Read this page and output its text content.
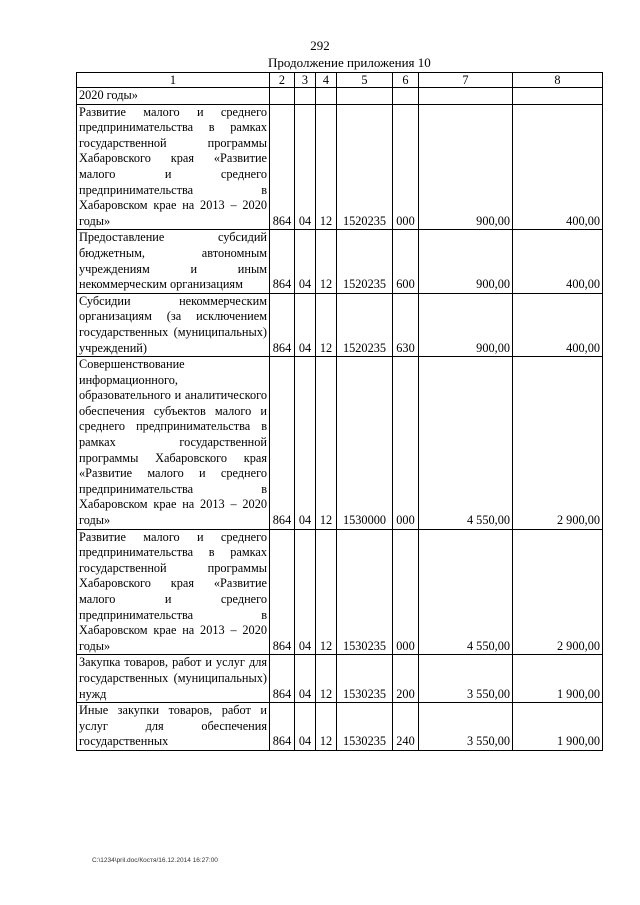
292
Продолжение приложения 10
1	2	3	4	5	6	7	8
2020 годы»							
Развитие малого и среднего предпринимательства в рамках государственной программы Хабаровского края «Развитие малого и среднего предпринимательства в Хабаровском крае на 2013 – 2020 годы»	864	04	12	1520235	000	900,00	400,00
Предоставление субсидий бюджетным, автономным учреждениям и иным некоммерческим организациям	864	04	12	1520235	600	900,00	400,00
Субсидии некоммерческим организациям (за исключением государственных (муниципальных) учреждений)	864	04	12	1520235	630	900,00	400,00
Совершенствование информационного, образовательного и аналитического обеспечения субъектов малого и среднего предпринимательства в рамках государственной программы Хабаровского края «Развитие малого и среднего предпринимательства в Хабаровском крае на 2013 – 2020 годы»	864	04	12	1530000	000	4 550,00	2 900,00
Развитие малого и среднего предпринимательства в рамках государственной программы Хабаровского края «Развитие малого и среднего предпринимательства в Хабаровском крае на 2013 – 2020 годы»	864	04	12	1530235	000	4 550,00	2 900,00
Закупка товаров, работ и услуг для государственных (муниципальных) нужд	864	04	12	1530235	200	3 550,00	1 900,00
Иные закупки товаров, работ и услуг для обеспечения государственных	864	04	12	1530235	240	3 550,00	1 900,00
C:\1234\pril.doc/Костя/16.12.2014 16:27:00
